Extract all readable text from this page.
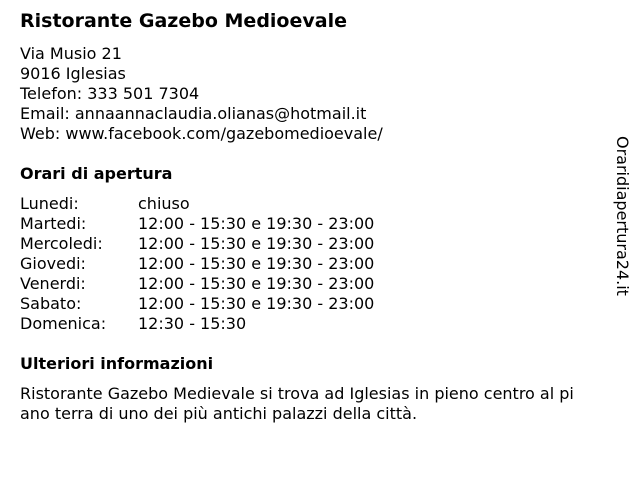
Ristorante Gazebo Medioevale
Via Musio 21
9016 Iglesias
Telefon: 333 501 7304
Email: annaannaclaudia.olianas@hotmail.it
Web: www.facebook.com/gazebomedioevale/
Orari di apertura
Lunedi:	chiuso
Martedi:	12:00 - 15:30 e 19:30 - 23:00
Mercoledi: 12:00 - 15:30 e 19:30 - 23:00
Giovedi:	12:00 - 15:30 e 19:30 - 23:00
Venerdi:	12:00 - 15:30 e 19:30 - 23:00
Sabato:	12:00 - 15:30 e 19:30 - 23:00
Domenica: 12:30 - 15:30
Ulteriori informazioni
Ristorante Gazebo Medievale si trova ad Iglesias in pieno centro al pi
ano terra di uno dei più antichi palazzi della città.
Oraridiapertura24.it
